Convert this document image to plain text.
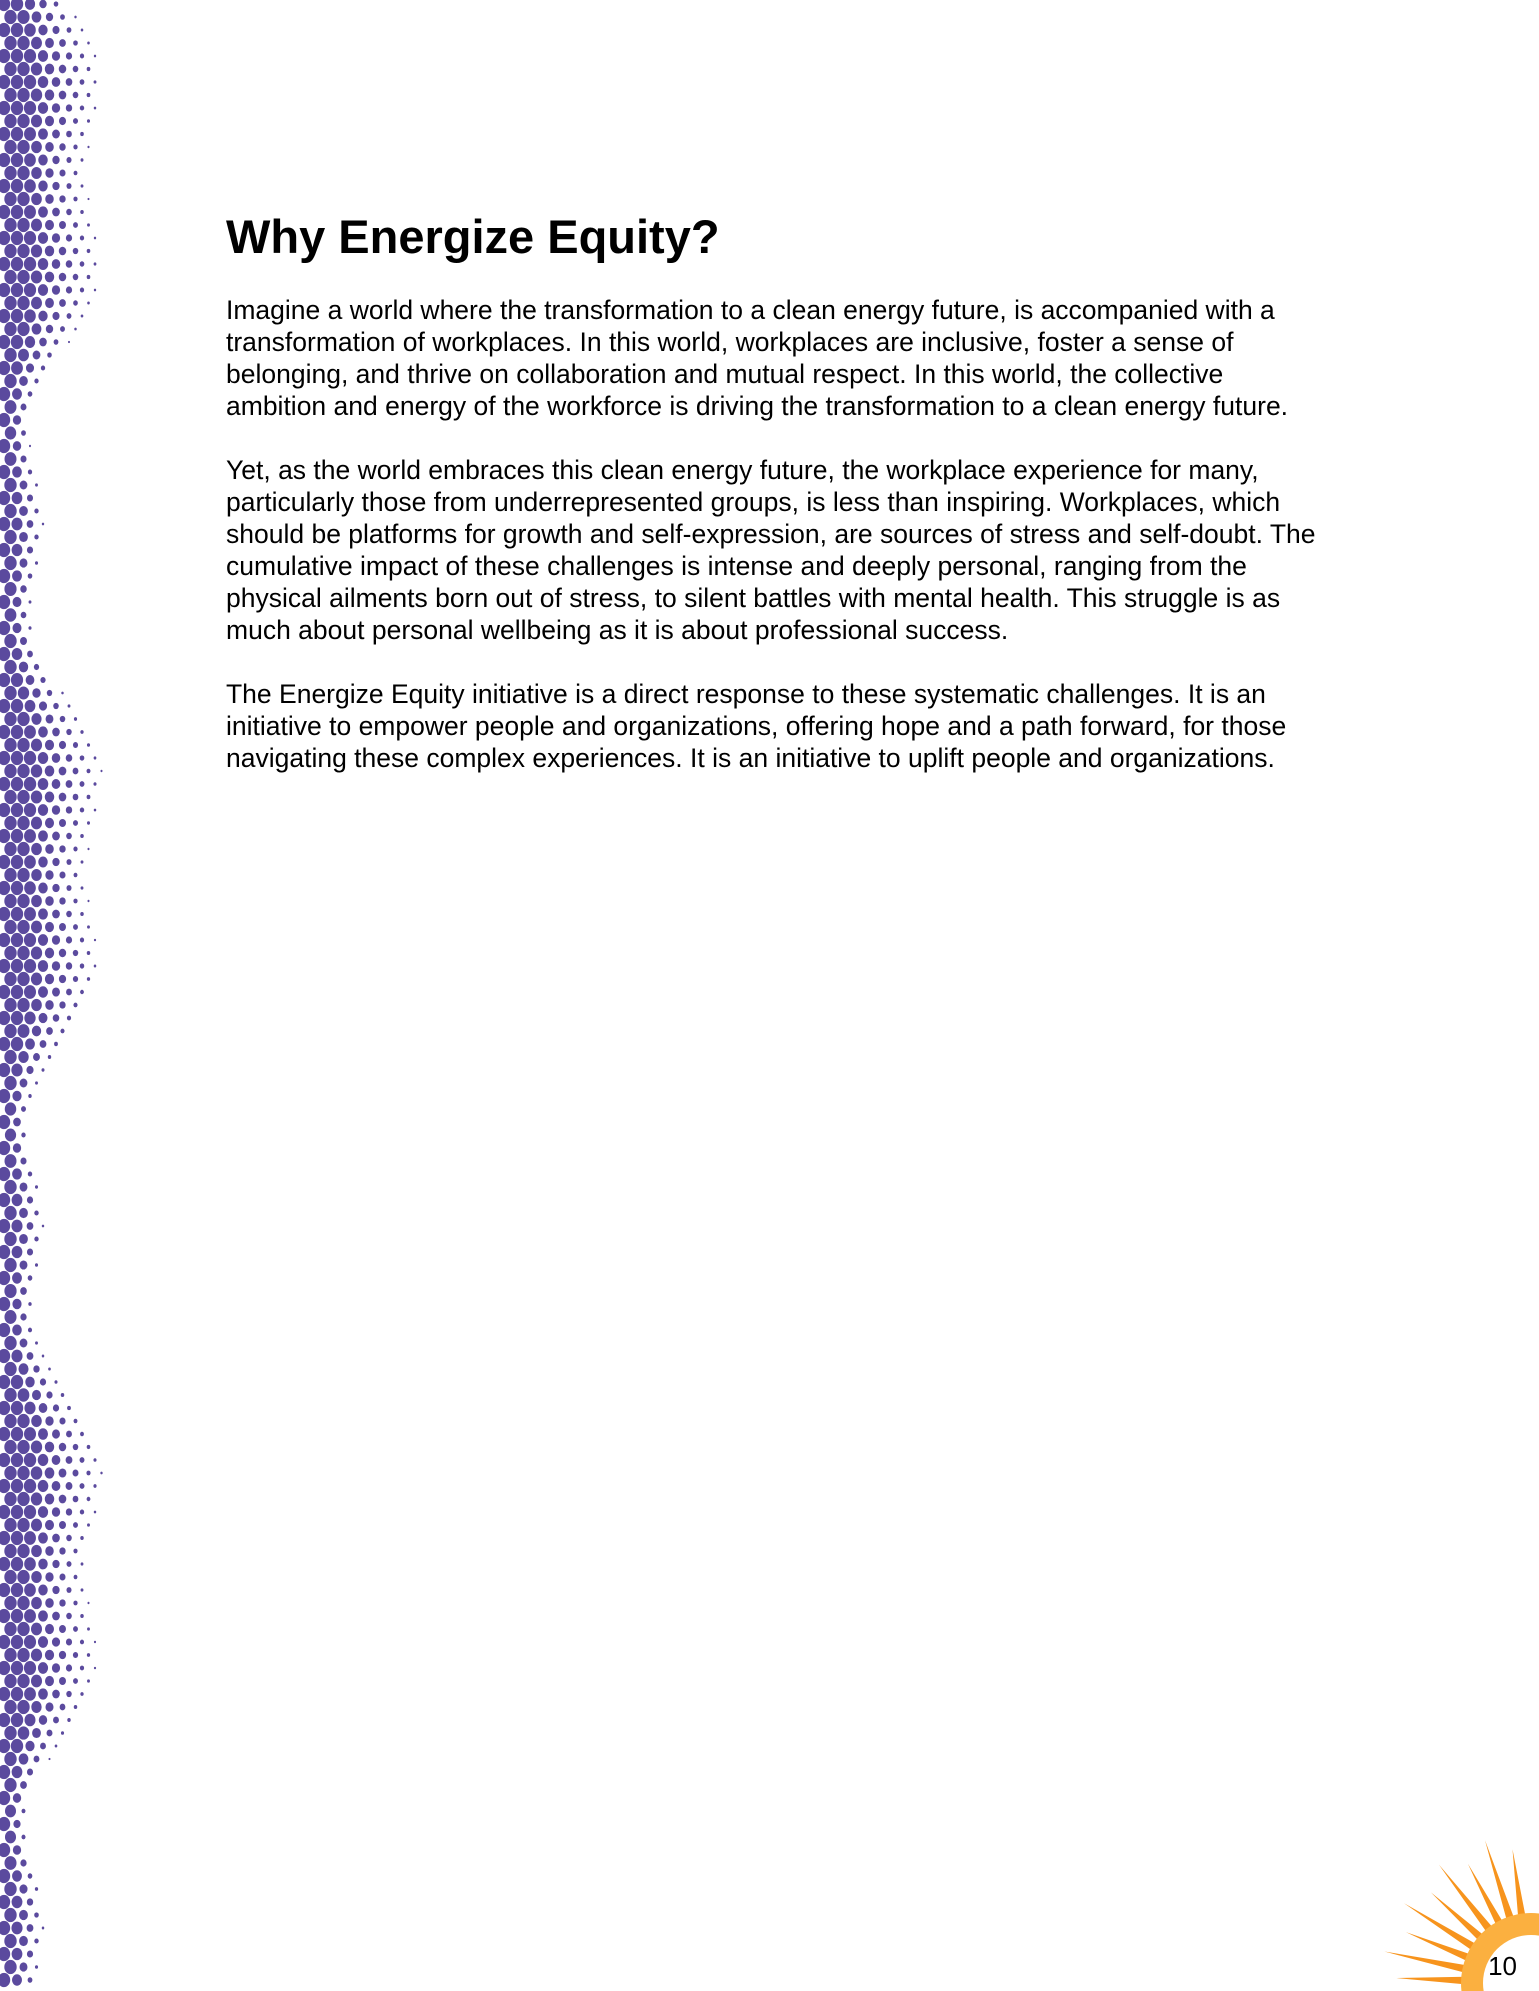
Why Energize Equity?

Imagine a world where the transformation to a clean energy future, is accompanied with a transformation of workplaces. In this world, workplaces are inclusive, foster a sense of belonging, and thrive on collaboration and mutual respect. In this world, the collective ambition and energy of the workforce is driving the transformation to a clean energy future.

Yet, as the world embraces this clean energy future, the workplace experience for many, particularly those from underrepresented groups, is less than inspiring. Workplaces, which should be platforms for growth and self-expression, are sources of stress and self-doubt. The cumulative impact of these challenges is intense and deeply personal, ranging from the physical ailments born out of stress, to silent battles with mental health. This struggle is as much about personal wellbeing as it is about professional success.

The Energize Equity initiative is a direct response to these systematic challenges. It is an initiative to empower people and organizations, offering hope and a path forward, for those navigating these complex experiences. It is an initiative to uplift people and organizations.

10
